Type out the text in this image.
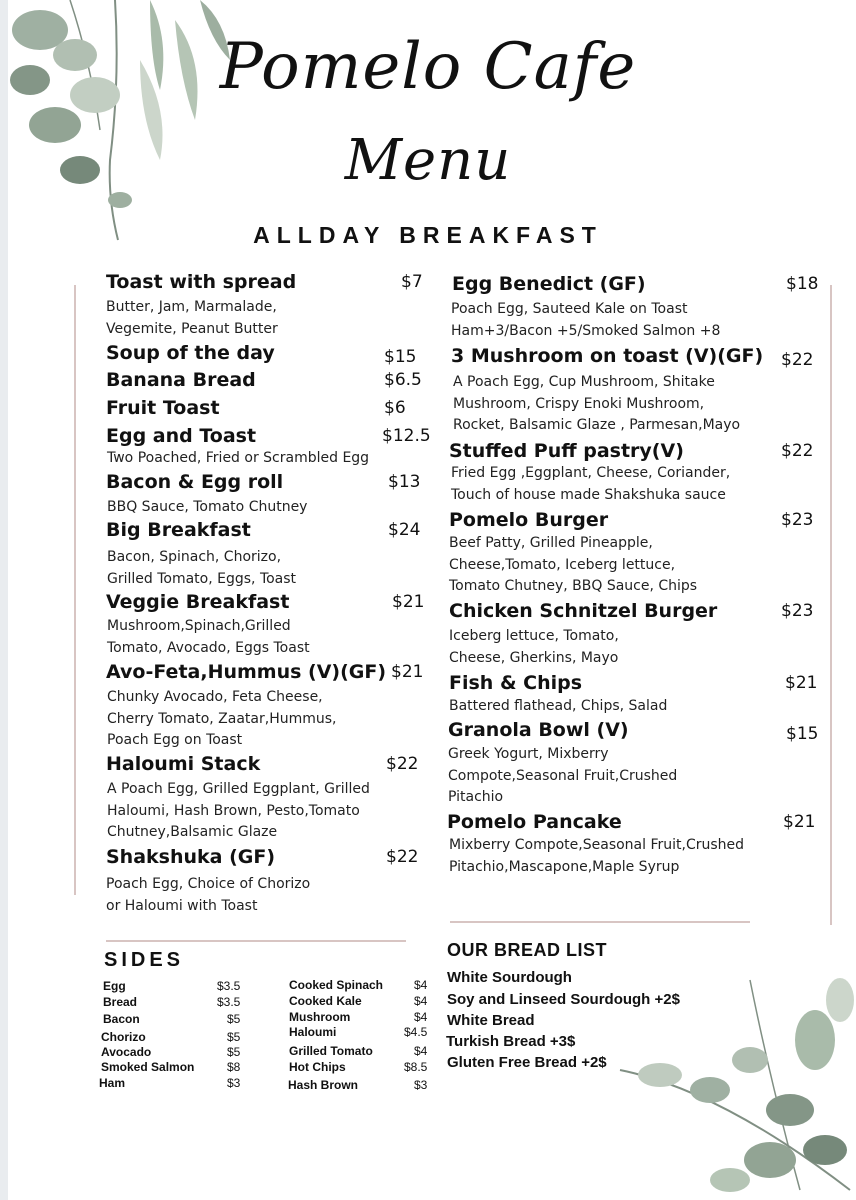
Pomelo Cafe
Menu
ALLDAY BREAKFAST
Toast with spread	$7
Butter, Jam, Marmalade,
Vegemite, Peanut Butter
Soup of the day	$15
Banana Bread	$6.5
Fruit Toast	$6
Egg and Toast	$12.5
Two Poached, Fried or Scrambled Egg
Bacon & Egg roll	$13
BBQ Sauce, Tomato Chutney
Big Breakfast	$24
Bacon, Spinach, Chorizo,
Grilled Tomato, Eggs, Toast
Veggie Breakfast	$21
Mushroom,Spinach,Grilled
Tomato, Avocado, Eggs Toast
Avo-Feta,Hummus (V)(GF) $21
Chunky Avocado, Feta Cheese,
Cherry Tomato, Zaatar,Hummus,
Poach Egg on Toast
Haloumi Stack	$22
A Poach Egg, Grilled Eggplant, Grilled
Haloumi, Hash Brown, Pesto,Tomato
Chutney,Balsamic Glaze
Shakshuka (GF)	$22
Poach Egg, Choice of Chorizo
or Haloumi with Toast
Egg Benedict (GF)	$18
Poach Egg, Sauteed Kale on Toast
Ham+3/Bacon +5/Smoked Salmon +8
3 Mushroom on toast (V)(GF) $22
A Poach Egg, Cup Mushroom, Shitake
Mushroom, Crispy Enoki Mushroom,
Rocket, Balsamic Glaze , Parmesan,Mayo
Stuffed Puff pastry(V)	$22
Fried Egg ,Eggplant, Cheese, Coriander,
Touch of house made Shakshuka sauce
Pomelo Burger	$23
Beef Patty, Grilled Pineapple,
Cheese,Tomato, Iceberg lettuce,
Tomato Chutney, BBQ Sauce, Chips
Chicken Schnitzel Burger	$23
Iceberg lettuce, Tomato,
Cheese, Gherkins, Mayo
Fish & Chips	$21
Battered flathead, Chips, Salad
Granola Bowl (V)	$15
Greek Yogurt, Mixberry
Compote,Seasonal Fruit,Crushed
Pitachio
Pomelo Pancake	$21
Mixberry Compote,Seasonal Fruit,Crushed
Pitachio,Mascapone,Maple Syrup
SIDES
Egg	$3.5
Bread	$3.5
Bacon	$5
Chorizo	$5
Avocado	$5
Smoked Salmon	$8
Ham	$3
Cooked Spinach	$4
Cooked Kale	$4
Mushroom	$4
Haloumi	$4.5
Grilled Tomato	$4
Hot Chips	$8.5
Hash Brown	$3
OUR BREAD LIST
White Sourdough
Soy and Linseed Sourdough +2$
White Bread
Turkish Bread +3$
Gluten Free Bread +2$
